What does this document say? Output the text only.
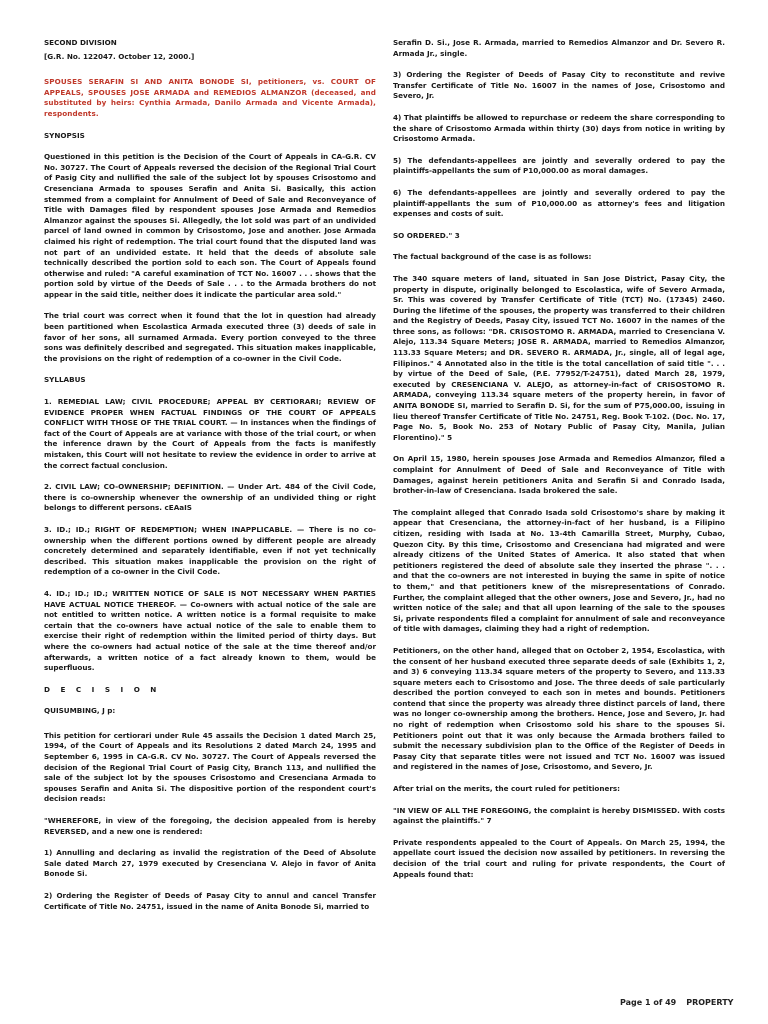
SECOND DIVISION

[G.R. No. 122047. October 12, 2000.]

SPOUSES SERAFIN SI AND ANITA BONODE SI, petitioners, vs. COURT OF APPEALS, SPOUSES JOSE ARMADA and REMEDIOS ALMANZOR (deceased, and substituted by heirs: Cynthia Armada, Danilo Armada and Vicente Armada), respondents.

SYNOPSIS

Questioned in this petition is the Decision of the Court of Appeals in CA-G.R. CV No. 30727. The Court of Appeals reversed the decision of the Regional Trial Court of Pasig City and nullified the sale of the subject lot by spouses Crisostomo and Cresenciana Armada to spouses Serafin and Anita Si. Basically, this action stemmed from a complaint for Annulment of Deed of Sale and Reconveyance of Title with Damages filed by respondent spouses Jose Armada and Remedios Almanzor against the spouses Si. Allegedly, the lot sold was part of an undivided parcel of land owned in common by Crisostomo, Jose and another. Jose Armada claimed his right of redemption. The trial court found that the disputed land was not part of an undivided estate. It held that the deeds of absolute sale technically described the portion sold to each son. The Court of Appeals found otherwise and ruled: "A careful examination of TCT No. 16007 . . . shows that the portion sold by virtue of the Deeds of Sale . . . to the Armada brothers do not appear in the said title, neither does it indicate the particular area sold."

The trial court was correct when it found that the lot in question had already been partitioned when Escolastica Armada executed three (3) deeds of sale in favor of her sons, all surnamed Armada. Every portion conveyed to the three sons was definitely described and segregated. This situation makes inapplicable, the provisions on the right of redemption of a co-owner in the Civil Code.

SYLLABUS

1. REMEDIAL LAW; CIVIL PROCEDURE; APPEAL BY CERTIORARI; REVIEW OF EVIDENCE PROPER WHEN FACTUAL FINDINGS OF THE COURT OF APPEALS CONFLICT WITH THOSE OF THE TRIAL COURT. — In instances when the findings of fact of the Court of Appeals are at variance with those of the trial court, or when the inference drawn by the Court of Appeals from the facts is manifestly mistaken, this Court will not hesitate to review the evidence in order to arrive at the correct factual conclusion.

2. CIVIL LAW; CO-OWNERSHIP; DEFINITION. — Under Art. 484 of the Civil Code, there is co-ownership whenever the ownership of an undivided thing or right belongs to different persons. cEAaIS

3. ID.; ID.; RIGHT OF REDEMPTION; WHEN INAPPLICABLE. — There is no co-ownership when the different portions owned by different people are already concretely determined and separately identifiable, even if not yet technically described. This situation makes inapplicable the provision on the right of redemption of a co-owner in the Civil Code.

4. ID.; ID.; ID.; WRITTEN NOTICE OF SALE IS NOT NECESSARY WHEN PARTIES HAVE ACTUAL NOTICE THEREOF. — Co-owners with actual notice of the sale are not entitled to written notice. A written notice is a formal requisite to make certain that the co-owners have actual notice of the sale to enable them to exercise their right of redemption within the limited period of thirty days. But where the co-owners had actual notice of the sale at the time thereof and/or afterwards, a written notice of a fact already known to them, would be superfluous.

D E C I S I O N

QUISUMBING, J p:

This petition for certiorari under Rule 45 assails the Decision 1 dated March 25, 1994, of the Court of Appeals and its Resolutions 2 dated March 24, 1995 and September 6, 1995 in CA-G.R. CV No. 30727. The Court of Appeals reversed the decision of the Regional Trial Court of Pasig City, Branch 113, and nullified the sale of the subject lot by the spouses Crisostomo and Cresenciana Armada to spouses Serafin and Anita Si. The dispositive portion of the respondent court's decision reads:

"WHEREFORE, in view of the foregoing, the decision appealed from is hereby REVERSED, and a new one is rendered:

1) Annulling and declaring as invalid the registration of the Deed of Absolute Sale dated March 27, 1979 executed by Cresenciana V. Alejo in favor of Anita Bonode Si.

2) Ordering the Register of Deeds of Pasay City to annul and cancel Transfer Certificate of Title No. 24751, issued in the name of Anita Bonode Si, married to

Serafin D. Si., Jose R. Armada, married to Remedios Almanzor and Dr. Severo R. Armada Jr., single.

3) Ordering the Register of Deeds of Pasay City to reconstitute and revive Transfer Certificate of Title No. 16007 in the names of Jose, Crisostomo and Severo, Jr.

4) That plaintiffs be allowed to repurchase or redeem the share corresponding to the share of Crisostomo Armada within thirty (30) days from notice in writing by Crisostomo Armada.

5) The defendants-appellees are jointly and severally ordered to pay the plaintiffs-appellants the sum of P10,000.00 as moral damages.

6) The defendants-appellees are jointly and severally ordered to pay the plaintiff-appellants the sum of P10,000.00 as attorney's fees and litigation expenses and costs of suit.

SO ORDERED." 3

The factual background of the case is as follows:

The 340 square meters of land, situated in San Jose District, Pasay City, the property in dispute, originally belonged to Escolastica, wife of Severo Armada, Sr. This was covered by Transfer Certificate of Title (TCT) No. (17345) 2460. During the lifetime of the spouses, the property was transferred to their children and the Registry of Deeds, Pasay City, issued TCT No. 16007 in the names of the three sons, as follows: "DR. CRISOSTOMO R. ARMADA, married to Cresenciana V. Alejo, 113.34 Square Meters; JOSE R. ARMADA, married to Remedios Almanzor, 113.33 Square Meters; and DR. SEVERO R. ARMADA, Jr., single, all of legal age, Filipinos." 4 Annotated also in the title is the total cancellation of said title ". . . by virtue of the Deed of Sale, (P.E. 77952/T-24751), dated March 28, 1979, executed by CRESENCIANA V. ALEJO, as attorney-in-fact of CRISOSTOMO R. ARMADA, conveying 113.34 square meters of the property herein, in favor of ANITA BONODE SI, married to Serafin D. Si, for the sum of P75,000.00, issuing in lieu thereof Transfer Certificate of Title No. 24751, Reg. Book T-102. (Doc. No. 17, Page No. 5, Book No. 253 of Notary Public of Pasay City, Manila, Julian Florentino)." 5

On April 15, 1980, herein spouses Jose Armada and Remedios Almanzor, filed a complaint for Annulment of Deed of Sale and Reconveyance of Title with Damages, against herein petitioners Anita and Serafin Si and Conrado Isada, brother-in-law of Cresenciana. Isada brokered the sale.

The complaint alleged that Conrado Isada sold Crisostomo's share by making it appear that Cresenciana, the attorney-in-fact of her husband, is a Filipino citizen, residing with Isada at No. 13-4th Camarilla Street, Murphy, Cubao, Quezon City. By this time, Crisostomo and Cresenciana had migrated and were already citizens of the United States of America. It also stated that when petitioners registered the deed of absolute sale they inserted the phrase ". . . and that the co-owners are not interested in buying the same in spite of notice to them," and that petitioners knew of the misrepresentations of Conrado. Further, the complaint alleged that the other owners, Jose and Severo, Jr., had no written notice of the sale; and that all upon learning of the sale to the spouses Si, private respondents filed a complaint for annulment of sale and reconveyance of title with damages, claiming they had a right of redemption.

Petitioners, on the other hand, alleged that on October 2, 1954, Escolastica, with the consent of her husband executed three separate deeds of sale (Exhibits 1, 2, and 3) 6 conveying 113.34 square meters of the property to Severo, and 113.33 square meters each to Crisostomo and Jose. The three deeds of sale particularly described the portion conveyed to each son in metes and bounds. Petitioners contend that since the property was already three distinct parcels of land, there was no longer co-ownership among the brothers. Hence, Jose and Severo, Jr. had no right of redemption when Crisostomo sold his share to the spouses Si. Petitioners point out that it was only because the Armada brothers failed to submit the necessary subdivision plan to the Office of the Register of Deeds in Pasay City that separate titles were not issued and TCT No. 16007 was issued and registered in the names of Jose, Crisostomo, and Severo, Jr.

After trial on the merits, the court ruled for petitioners:

"IN VIEW OF ALL THE FOREGOING, the complaint is hereby DISMISSED. With costs against the plaintiffs." 7

Private respondents appealed to the Court of Appeals. On March 25, 1994, the appellate court issued the decision now assailed by petitioners. In reversing the decision of the trial court and ruling for private respondents, the Court of Appeals found that:

Page 1 of 49 PROPERTY
